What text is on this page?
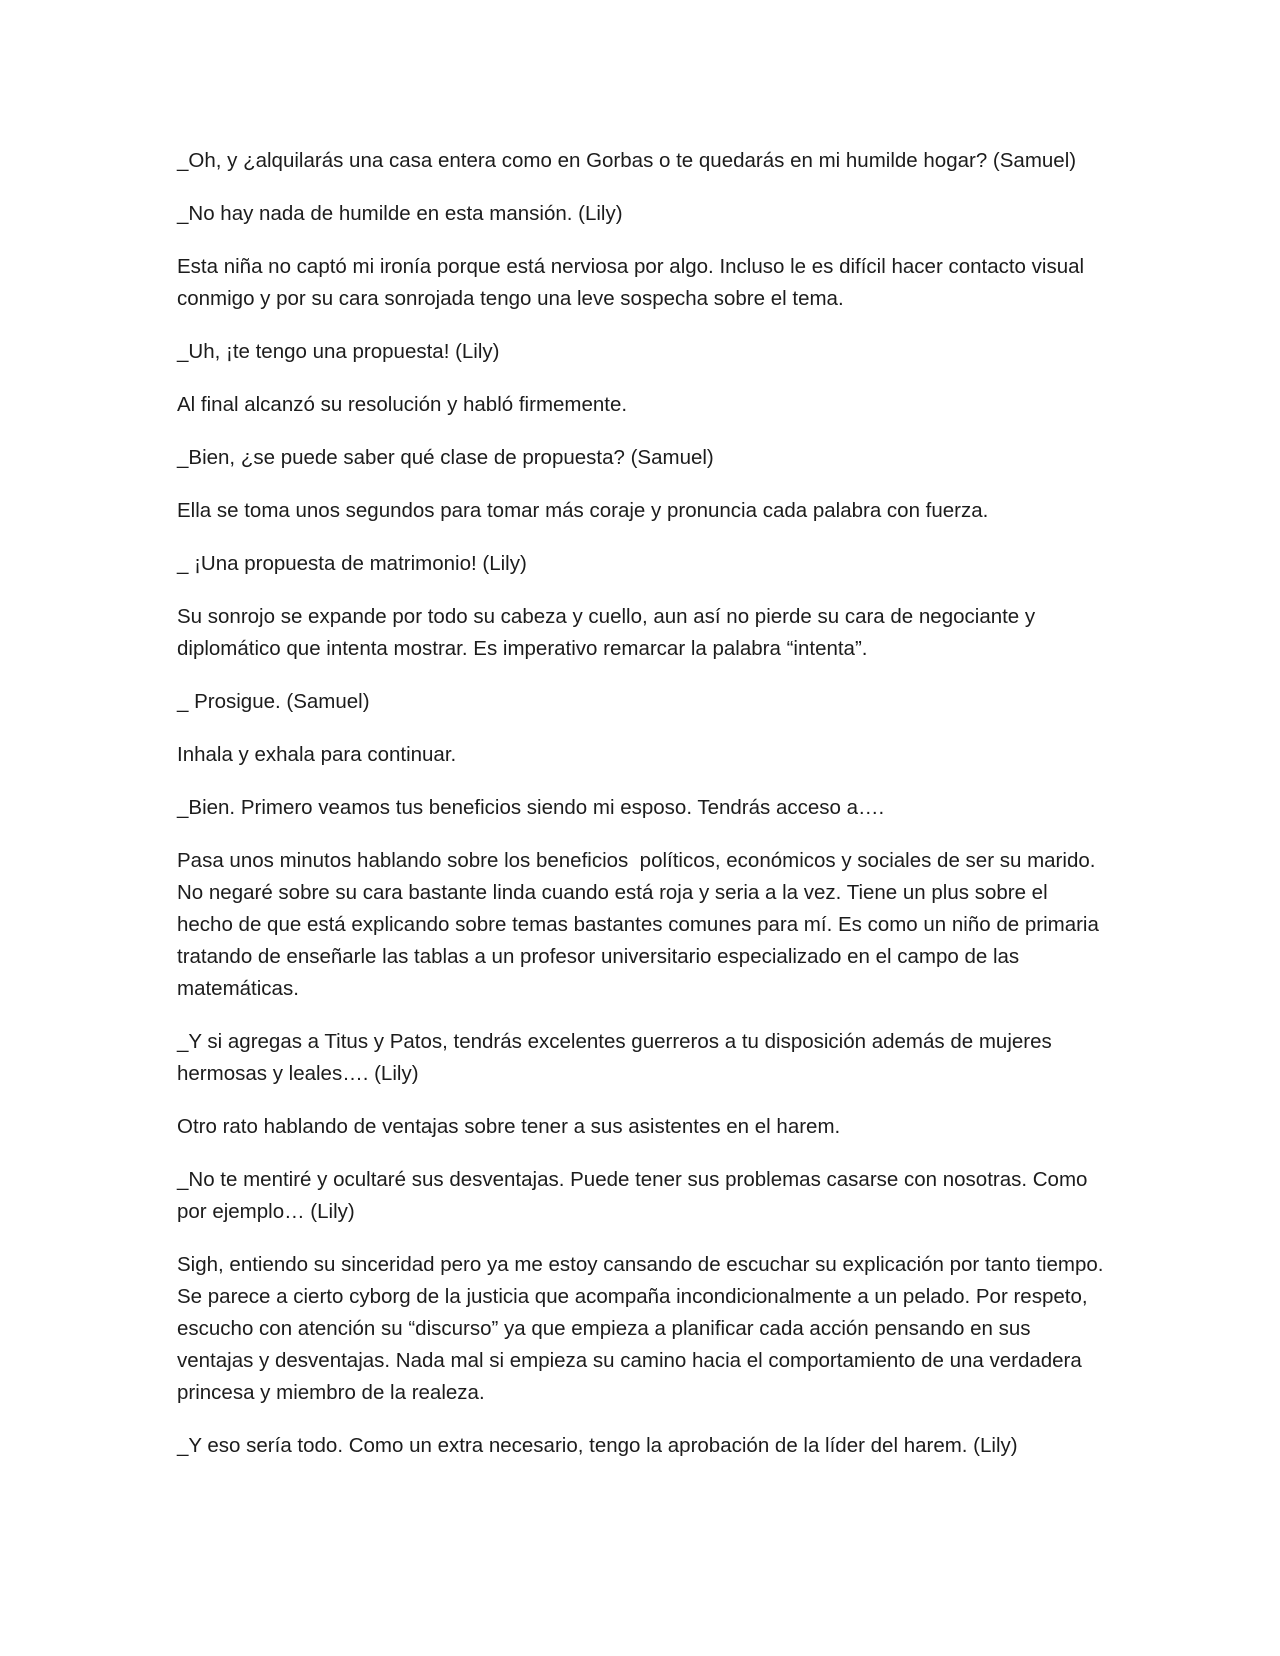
_Oh, y ¿alquilarás una casa entera como en Gorbas o te quedarás en mi humilde hogar? (Samuel)

_No hay nada de humilde en esta mansión. (Lily)

Esta niña no captó mi ironía porque está nerviosa por algo. Incluso le es difícil hacer contacto visual conmigo y por su cara sonrojada tengo una leve sospecha sobre el tema.

_Uh, ¡te tengo una propuesta! (Lily)

Al final alcanzó su resolución y habló firmemente.

_Bien, ¿se puede saber qué clase de propuesta? (Samuel)

Ella se toma unos segundos para tomar más coraje y pronuncia cada palabra con fuerza.

_ ¡Una propuesta de matrimonio! (Lily)

Su sonrojo se expande por todo su cabeza y cuello, aun así no pierde su cara de negociante y diplomático que intenta mostrar. Es imperativo remarcar la palabra “intenta”.

_ Prosigue. (Samuel)

Inhala y exhala para continuar.

_Bien. Primero veamos tus beneficios siendo mi esposo. Tendrás acceso a….

Pasa unos minutos hablando sobre los beneficios  políticos, económicos y sociales de ser su marido. No negaré sobre su cara bastante linda cuando está roja y seria a la vez. Tiene un plus sobre el hecho de que está explicando sobre temas bastantes comunes para mí. Es como un niño de primaria tratando de enseñarle las tablas a un profesor universitario especializado en el campo de las matemáticas.

_Y si agregas a Titus y Patos, tendrás excelentes guerreros a tu disposición además de mujeres hermosas y leales…. (Lily)

Otro rato hablando de ventajas sobre tener a sus asistentes en el harem.

_No te mentiré y ocultaré sus desventajas. Puede tener sus problemas casarse con nosotras. Como por ejemplo… (Lily)

Sigh, entiendo su sinceridad pero ya me estoy cansando de escuchar su explicación por tanto tiempo. Se parece a cierto cyborg de la justicia que acompaña incondicionalmente a un pelado. Por respeto, escucho con atención su “discurso” ya que empieza a planificar cada acción pensando en sus ventajas y desventajas. Nada mal si empieza su camino hacia el comportamiento de una verdadera princesa y miembro de la realeza.

_Y eso sería todo. Como un extra necesario, tengo la aprobación de la líder del harem. (Lily)
